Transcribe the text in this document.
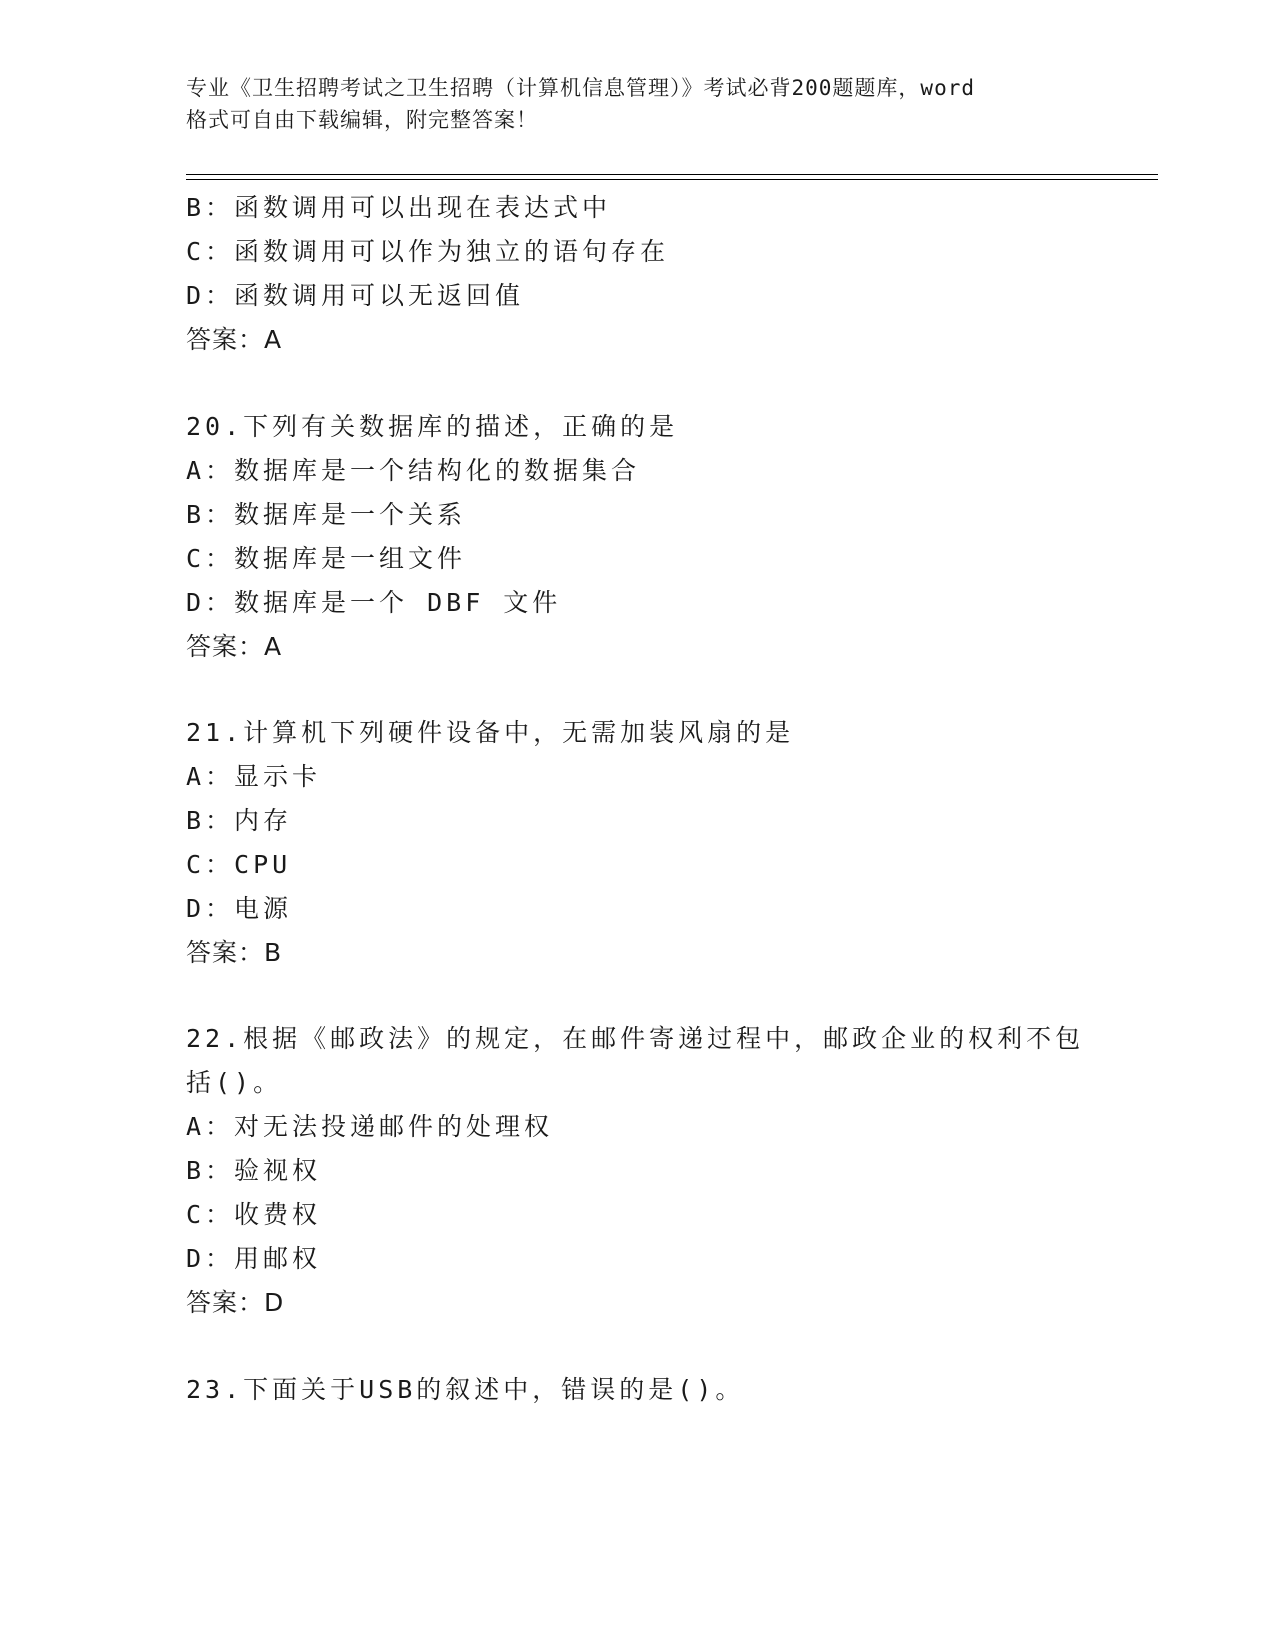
专业《卫生招聘考试之卫生招聘（计算机信息管理）》考试必背200题题库，word
格式可自由下载编辑，附完整答案！
B：函数调用可以出现在表达式中
C：函数调用可以作为独立的语句存在
D：函数调用可以无返回值
答案：A
20.下列有关数据库的描述，正确的是
A：数据库是一个结构化的数据集合
B：数据库是一个关系
C：数据库是一组文件
D：数据库是一个 DBF 文件
答案：A
21.计算机下列硬件设备中，无需加装风扇的是
A：显示卡
B：内存
C：CPU
D：电源
答案：B
22.根据《邮政法》的规定，在邮件寄递过程中，邮政企业的权利不包
括()。
A：对无法投递邮件的处理权
B：验视权
C：收费权
D：用邮权
答案：D
23.下面关于USB的叙述中，错误的是()。
